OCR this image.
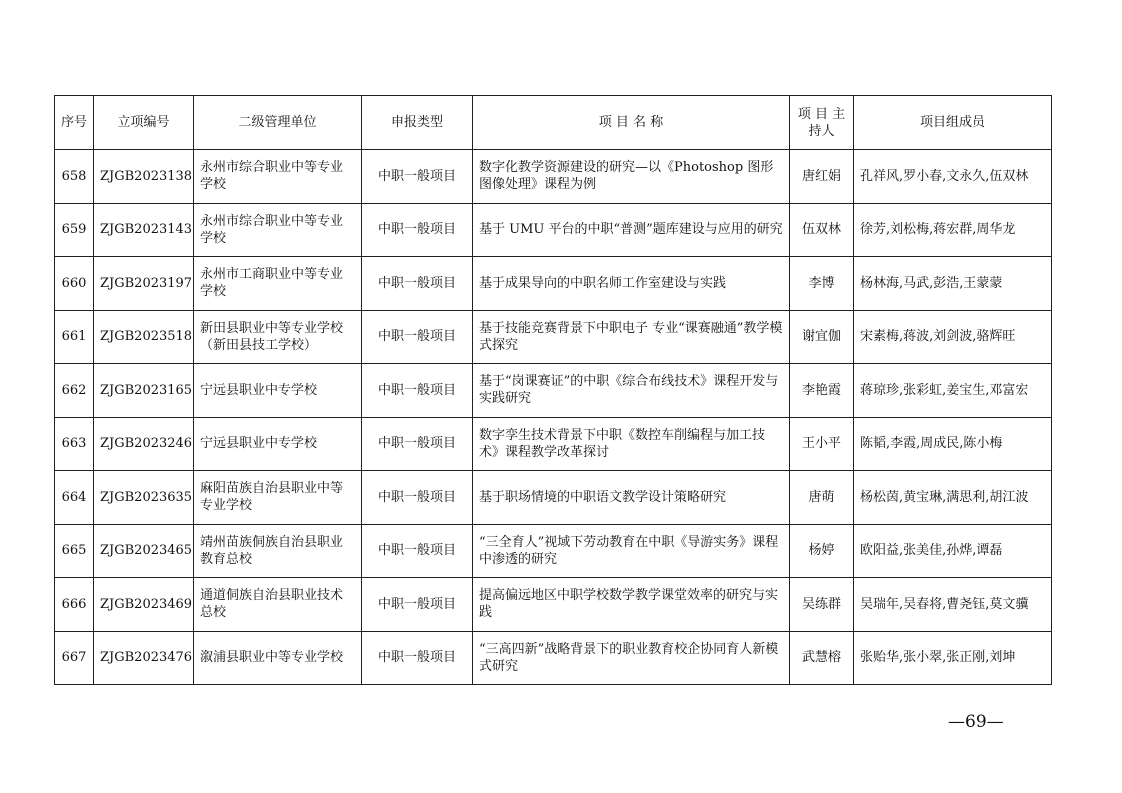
序号	立项编号	二级管理单位	申报类型	项 目 名 称	项 目 主持人	项目组成员
658	ZJGB2023138	永州市综合职业中等专业学校	中职一般项目	数字化教学资源建设的研究—以《Photoshop 图形图像处理》课程为例	唐红娟	孔祥风,罗小春,文永久,伍双林
659	ZJGB2023143	永州市综合职业中等专业学校	中职一般项目	基于 UMU 平台的中职“普测”题库建设与应用的研究	伍双林	徐芳,刘松梅,蒋宏群,周华龙
660	ZJGB2023197	永州市工商职业中等专业学校	中职一般项目	基于成果导向的中职名师工作室建设与实践	李博	杨林海,马武,彭浩,王蒙蒙
661	ZJGB2023518	新田县职业中等专业学校（新田县技工学校）	中职一般项目	基于技能竞赛背景下中职电子 专业“课赛融通”教学模式探究	谢宜伽	宋素梅,蒋波,刘剑波,骆辉旺
662	ZJGB2023165	宁远县职业中专学校	中职一般项目	基于“岗课赛证”的中职《综合布线技术》课程开发与实践研究	李艳霞	蒋琼珍,张彩虹,姜宝生,邓富宏
663	ZJGB2023246	宁远县职业中专学校	中职一般项目	数字孪生技术背景下中职《数控车削编程与加工技术》课程教学改革探讨	王小平	陈韬,李霞,周成民,陈小梅
664	ZJGB2023635	麻阳苗族自治县职业中等专业学校	中职一般项目	基于职场情境的中职语文教学设计策略研究	唐萌	杨松茵,黄宝琳,满思利,胡江波
665	ZJGB2023465	靖州苗族侗族自治县职业教育总校	中职一般项目	“三全育人”视域下劳动教育在中职《导游实务》课程中渗透的研究	杨婷	欧阳益,张美佳,孙烨,谭磊
666	ZJGB2023469	通道侗族自治县职业技术总校	中职一般项目	提高偏远地区中职学校数学教学课堂效率的研究与实践	吴练群	吴瑞年,吴春将,曹尧钰,莫文骥
667	ZJGB2023476	溆浦县职业中等专业学校	中职一般项目	“三高四新”战略背景下的职业教育校企协同育人新模式研究	武慧榕	张贻华,张小翠,张正刚,刘坤
—69—
